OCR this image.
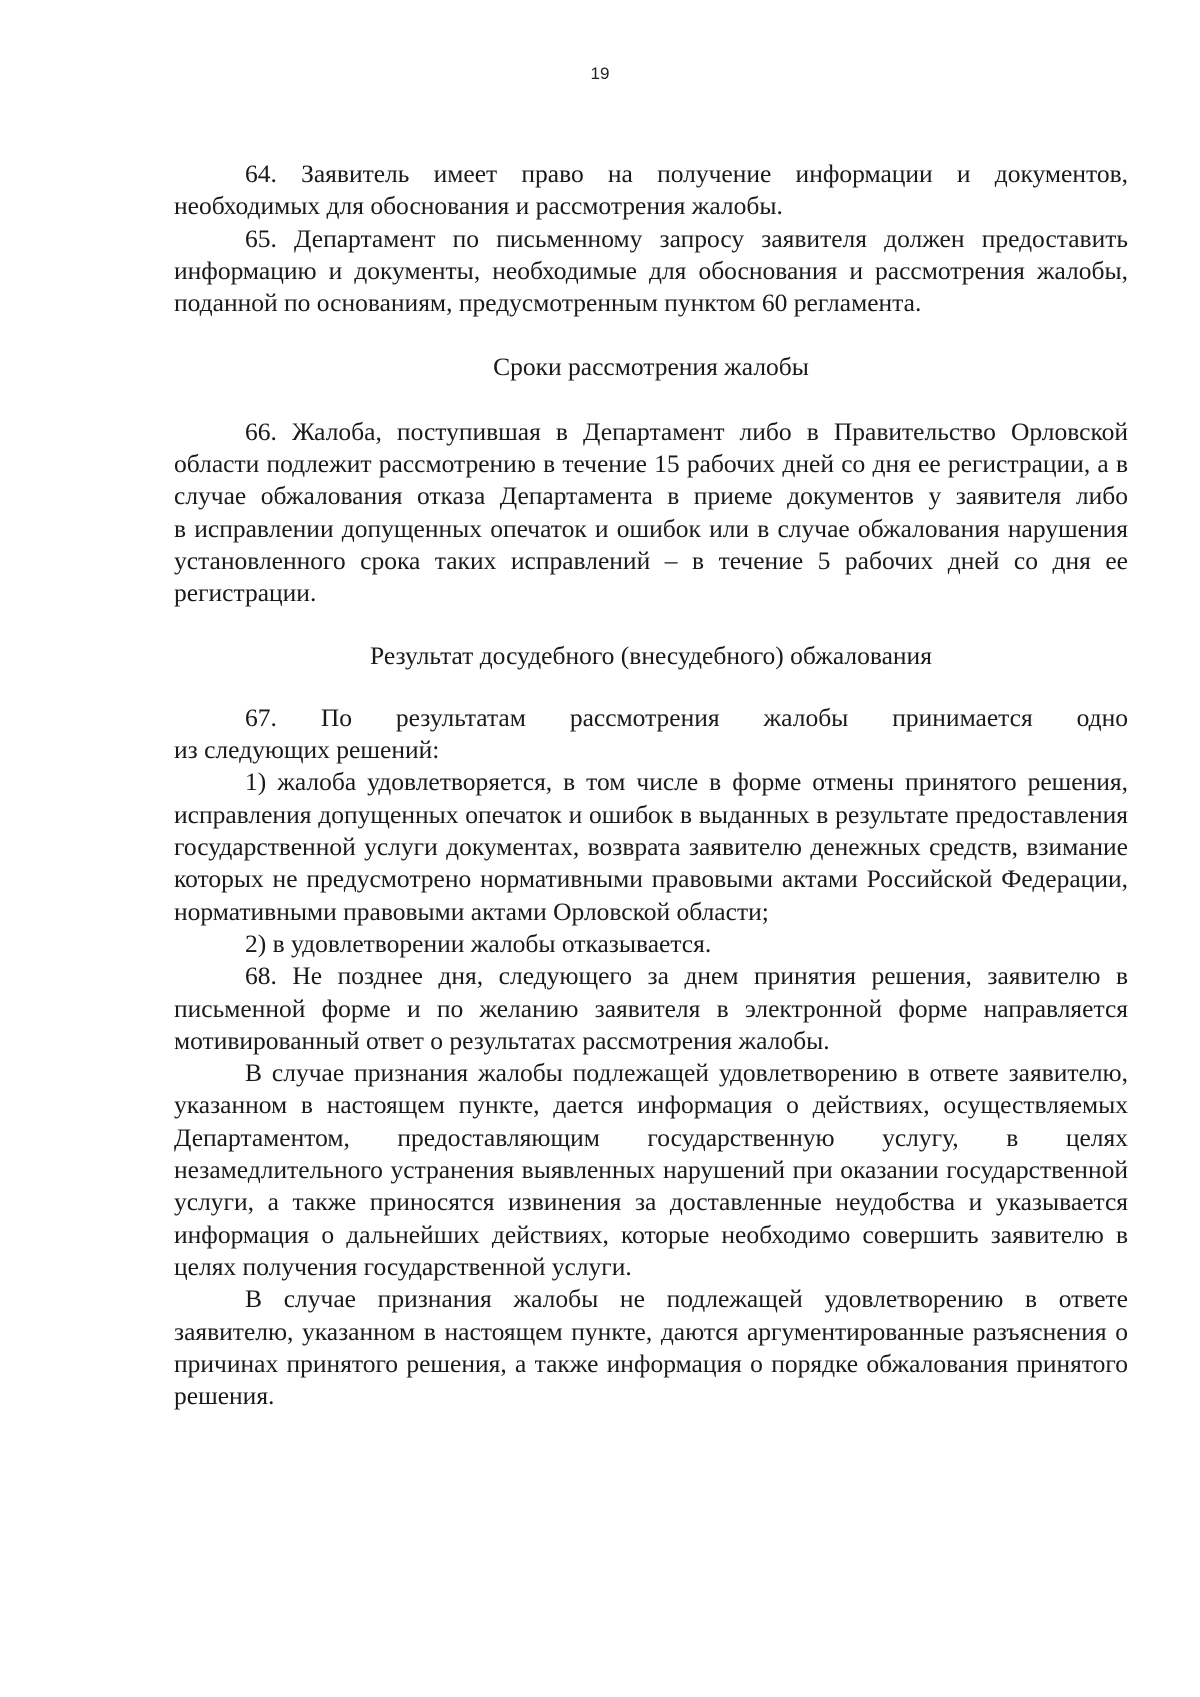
19

64. Заявитель имеет право на получение информации и документов, необходимых для обоснования и рассмотрения жалобы.

65. Департамент по письменному запросу заявителя должен предоставить информацию и документы, необходимые для обоснования и рассмотрения жалобы, поданной по основаниям, предусмотренным пунктом 60 регламента.

Сроки рассмотрения жалобы

66. Жалоба, поступившая в Департамент либо в Правительство Орловской области подлежит рассмотрению в течение 15 рабочих дней со дня ее регистрации, а в случае обжалования отказа Департамента в приеме документов у заявителя либо

в исправлении допущенных опечаток и ошибок или в случае обжалования нарушения установленного срока таких исправлений – в течение 5 рабочих дней со дня ее регистрации.

Результат досудебного (внесудебного) обжалования

67. По результатам рассмотрения жалобы принимается одно

из следующих решений:

1) жалоба удовлетворяется, в том числе в форме отмены принятого решения, исправления допущенных опечаток и ошибок в выданных в результате предоставления государственной услуги документах, возврата заявителю денежных средств, взимание которых не предусмотрено нормативными правовыми актами Российской Федерации, нормативными правовыми актами Орловской области;

2) в удовлетворении жалобы отказывается.

68. Не позднее дня, следующего за днем принятия решения, заявителю в письменной форме и по желанию заявителя в электронной форме направляется мотивированный ответ о результатах рассмотрения жалобы.

В случае признания жалобы подлежащей удовлетворению в ответе заявителю, указанном в настоящем пункте, дается информация о действиях, осуществляемых Департаментом, предоставляющим государственную услугу, в целях незамедлительного устранения выявленных нарушений при оказании государственной услуги, а также приносятся извинения за доставленные неудобства и указывается информация о дальнейших действиях, которые необходимо совершить заявителю в целях получения государственной услуги.

В случае признания жалобы не подлежащей удовлетворению в ответе заявителю, указанном в настоящем пункте, даются аргументированные разъяснения о причинах принятого решения, а также информация о порядке обжалования принятого решения.
